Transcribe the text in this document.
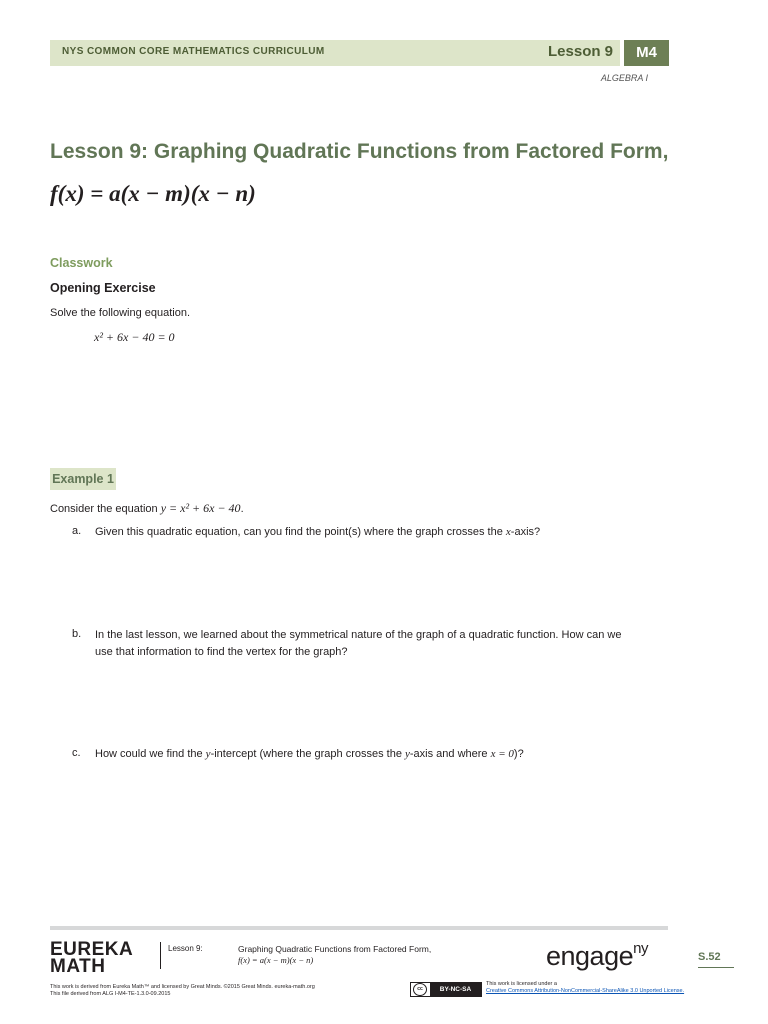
NYS COMMON CORE MATHEMATICS CURRICULUM	Lesson 9	M4
ALGEBRA I
Lesson 9: Graphing Quadratic Functions from Factored Form,
f(x) = a(x − m)(x − n)
Classwork
Opening Exercise
Solve the following equation.
x² + 6x − 40 = 0
Example 1
Consider the equation y = x² + 6x − 40.
a. Given this quadratic equation, can you find the point(s) where the graph crosses the x-axis?
b. In the last lesson, we learned about the symmetrical nature of the graph of a quadratic function. How can we
use that information to find the vertex for the graph?
c. How could we find the y-intercept (where the graph crosses the y-axis and where x = 0)?
EUREKA
MATH
Lesson 9:	Graphing Quadratic Functions from Factored Form,
f(x) = a(x − m)(x − n)	engage$^{ny}$	S.52
This work is derived from Eureka Math™ and licensed by Great Minds. ©2015 Great Minds. eureka-math.org
This file derived from ALG I-M4-TE-1.3.0-09.2015
cc	BY-NC-SA
This work is licensed under a
Creative Commons Attribution-NonCommercial-ShareAlike 3.0 Unported License.
